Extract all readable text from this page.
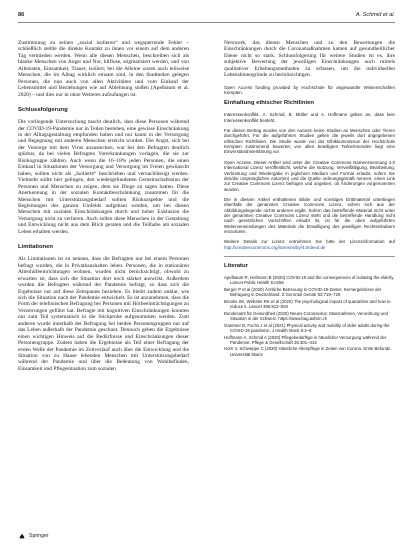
86	A. Schmid et al.

Zustimmung zu seinen „sozial isolieren“ und wegsperrende Fehler – schließlich stellte die direkte Kontakt zu ihnen vor einem auf dem anderen Tag vermieden werden. Wenn alle diesen Menschen, beschreiben sich als blanke Menschen von Angst und Not, hilflose, stigmatisiert werden, und von Alleinsein, Einsamkeit, Trauer, isoliert; bei die Alleine waren auch teilweise Menschen, die im Alltag wirklich einsam sind, in den Stadtteilen gelegen Personen, die nun auch von allen Aktivitäten und vom Einkauf der Lebensmittel und Beziehungen wie auf Ablehnung stoßen (Apelbaum et al. 2020) – und dies nur in ohne Weiteres aufzufangen ist.

Schlussfolgerung

Die vorliegende Untersuchung macht deutlich, dass diese Personen während der COVID-19-Pandemie nur in Teilen bestehen, eine gewisse Einschränkung in der Alltagsgestaltung empfunden haben und nur kaum in der Versorgung und Begegnung mit anderen Menschen erreicht wurden. Die Angst, sich bei der Vorsorge mit dem Virus anzustecken, war bei den Befragten deutlich spürbar, da bei vielen Befragten Vorerkrankungen vorlagen, die sie zur Risikogruppe zählten. Auch wenn die 16–18% jeden Personen, die einen Einkauf in Situationen der Versorgung und Versorgung im Freien gewünscht haben, sollten nicht als „Isolierte“ beschrieben und vernachlässigt werden. Vielmehr sollte hier gelingen, den wiedergefundenen Gemeinschaftssinn der Personen und Menschen zu zeigen, dem sie Dinge zu sagen hatten. Diese Anerkennung in der sozialen Kontaktbeschränkung zusammen für die Menschen mit Unterstützungsbedarf sollten Risikoaspekte und die Begleitungen des ganzen Umfelds aufgebaut werden, um bei diesen Menschen mit sozialen Einschränkungen durch und hoher Exklusion die Versorgung nicht zu verlieren. Auch sollen diese Menschen in der Gestaltung und Entwicklung nicht aus dem Blick geraten und die Teilhabe am sozialen Leben erhalten werden.

Limitationen

Als Limitationen ist zu nennen, dass die Befragten nur bei einem Personen befragt wurden, die in Privathaushalten leben. Personen, die in stationären Altenhilfeeinrichtungen wohnen, wurden nicht berücksichtigt, obwohl zu erwarten ist, dass sich die Situation dort noch stärker auswirkt. Außerdem wurden die Befragten während der Pandemie befragt, so dass sich die Ergebnisse nur auf diese Zeitspanne beziehen. Es bleibt zudem unklar, wie sich die Situation nach der Pandemie entwickelt. Es ist anzunehmen, dass die Form der telefonischen Befragung bei Personen mit Hörbeeinträchtigungen zu Verzerrungen geführt hat. Befragte mit kognitiven Einschränkungen konnten nur zum Teil systematisch in die Stichprobe aufgenommen werden. Zum anderen wurde innerhalb der Befragung bei beiden Personengruppen nur auf das Leben außerhalb der Pandemie geschaut. Dennoch geben die Ergebnisse einen wichtigen Hinweis auf die Bedürfnisse und Einschränkungen dieser Personengruppe. Zudem haben die Ergebnisse als Teil einer Befragung der ersten Welle der Pandemie im Zeitverlauf auch über die Entwicklung und die Situation von zu Hause lebenden Menschen mit Unterstützungsbedarf während der Pandemie und über die Bedeutung von Wohlbefinden, Einsamkeit und Pflegesituation zum sozialen

Netzwerk, das diesen Menschen und zu den Bewertungen die Einschränkungen durch die Coronamaßnahmen kamen auf gesundheitlicher Ebene nicht so stark. Schlussfolgerung für weitere Studien ist es, ihre subjektive Bewertung der jeweiligen Einschränkungen auch mittels qualitativer Erhebungsmethoden zu erfassen, um die individuellen Lebenshintergründe zu berücksichtigen.

Open Access funding provided by Hochschule für angewandte Wissenschaften Kempten.

Einhaltung ethischer Richtlinien

Interessenkonflikt. A. Schmid, B. Müller und A. Hoffmann geben an, dass kein Interessenkonflikt besteht.

Für diesen Beitrag wurden von den Autoren keine Studien an Menschen oder Tieren durchgeführt. Für die aufgeführten Studien gelten die jeweils dort angegebenen ethischen Richtlinien. Die Studie wurde von der Ethikkommission der Hochschule Kempten zustimmend bewertet; von allen beteiligten Teilnehmenden liegt eine Einverständniserklärung vor.

Open Access. Dieser Artikel wird unter der Creative Commons Namensnennung 4.0 International Lizenz veröffentlicht, welche die Nutzung, Vervielfältigung, Bearbeitung, Verbreitung und Wiedergabe in jeglichem Medium und Format erlaubt, sofern Sie den/die ursprünglichen Autor(en) und die Quelle ordnungsgemäß nennen, einen Link zur Creative Commons Lizenz beifügen und angeben, ob Änderungen vorgenommen wurden.

Die in diesem Artikel enthaltenen Bilder und sonstiges Drittmaterial unterliegen ebenfalls der genannten Creative Commons Lizenz, sofern sich aus der Abbildungslegende nichts anderes ergibt. Sofern das betreffende Material nicht unter der genannten Creative Commons Lizenz steht und die betreffende Handlung nicht nach gesetzlichen Vorschriften erlaubt ist, ist für die oben aufgeführten Weiterverwendungen des Materials die Einwilligung des jeweiligen Rechteinhabers einzuholen.

Weitere Details zur Lizenz entnehmen Sie bitte der Lizenzinformation auf http://creativecommons.org/licenses/by/4.0/deed.de

Literatur
Apelbaum R, Hofmann B (2020) COVID-19 and the consequences of isolating the elderly. Lancet Public Health 5:e256
Berger P et al (2020) Ärztliche Betreuung in COVID-19-Zeiten: Kernergebnisse der Befragung in Deutschland. Z Gerontol Geriatr 53:719–726
Brooks SK, Webster RK et al (2020) The psychological impact of quarantine and how to reduce it. Lancet 395:912–920
Bundesamt für Gesundheit (2020) Neues Coronavirus: Massnahmen, Verordnung und Situation in der Schweiz. https://www.bag.admin.ch
Gaertner B, Fuchs J et al (2021) Physical activity and mobility of older adults during the COVID-19 pandemic. J Health Monit 6:2–9
Hoffmann A, Schmid A (2020) Pflegebedürftige in häuslicher Versorgung während der Pandemie. Pflege & Gesellschaft 25:301–315
Horn V, Schweppe C (2020) Häusliche Altenpflege in Zeiten von Corona. Erste Befunde. Universität Mainz
Springer
